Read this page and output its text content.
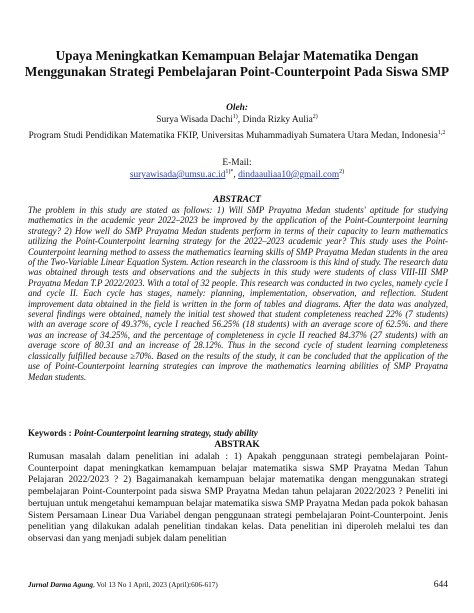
Upaya Meningkatkan Kemampuan Belajar Matematika Dengan Menggunakan Strategi Pembelajaran Point-Counterpoint Pada Siswa SMP
Oleh:
Surya Wisada Dachi$^{1)}$, Dinda Rizky Aulia$^{2)}$
Program Studi Pendidikan Matematika FKIP, Universitas Muhammadiyah Sumatera Utara Medan, Indonesia$^{1,2}$
E-Mail:
$suryawisada@umsu.ac.id^{1)*}$, dindaauliaa10@gmail.com$^{2)}$
ABSTRACT
The problem in this study are stated as follows: 1) Will SMP Prayatna Medan students' aptitude for studying mathematics in the academic year 2022–2023 be improved by the application of the Point-Counterpoint learning strategy? 2) How well do SMP Prayatna Medan students perform in terms of their capacity to learn mathematics utilizing the Point-Counterpoint learning strategy for the 2022–2023 academic year? This study uses the Point-Counterpoint learning method to assess the mathematics learning skills of SMP Prayatna Medan students in the area of the Two-Variable Linear Equation System. Action research in the classroom is this kind of study. The research data was obtained through tests and observations and the subjects in this study were students of class VIII-III SMP Prayatna Medan T.P 2022/2023. With a total of 32 people. This research was conducted in two cycles, namely cycle I and cycle II. Each cycle has stages, namely: planning, implementation, observation, and reflection. Student improvement data obtained in the field is written in the form of tables and diagrams. After the data was analyzed, several findings were obtained, namely the initial test showed that student completeness reached 22% (7 students) with an average score of 49.37%, cycle I reached 56.25% (18 students) with an average score of 62.5%. and there was an increase of 34.25%, and the percentage of completeness in cycle II reached 84.37% (27 students) with an average score of 80.31 and an increase of 28.12%. Thus in the second cycle of student learning completeness classically fulfilled because ≥70%. Based on the results of the study, it can be concluded that the application of the use of Point-Counterpoint learning strategies can improve the mathematics learning abilities of SMP Prayatna Medan students.
Keywords : Point-Counterpoint learning strategy, study ability
ABSTRAK
Rumusan masalah dalam penelitian ini adalah : 1) Apakah penggunaan strategi pembelajaran Point-Counterpoint dapat meningkatkan kemampuan belajar matematika siswa SMP Prayatna Medan Tahun Pelajaran 2022/2023 ? 2) Bagaimanakah kemampuan belajar matematika dengan menggunakan strategi pembelajaran Point-Counterpoint pada siswa SMP Prayatna Medan tahun pelajaran 2022/2023 ? Peneliti ini bertujuan untuk mengetahui kemampuan belajar matematika siswa SMP Prayatna Medan pada pokok bahasan Sistem Persamaan Linear Dua Variabel dengan penggunaan strategi pembelajaran Point-Counterpoint. Jenis penelitian yang dilakukan adalah penelitian tindakan kelas. Data penelitian ini diperoleh melalui tes dan observasi dan yang menjadi subjek dalam penelitian
Jurnal Darma Agung, Vol 13 No 1 April, 2023 (April):606-617)	644
